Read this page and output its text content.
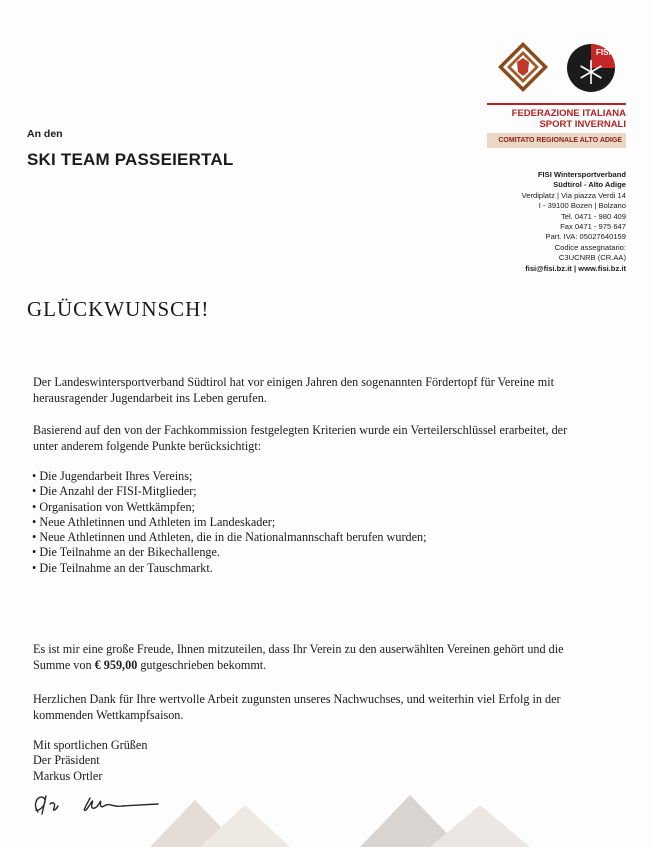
An den
SKI TEAM PASSEIERTAL
FISI
FEDERAZIONE ITALIANA
SPORT INVERNALI
COMITATO REGIONALE ALTO ADIGE
FISI Wintersportverband
Südtirol - Alto Adige
Verdiplatz | Via piazza Verdi 14
I - 39100 Bozen | Bolzano
Tel. 0471 - 980 409
Fax 0471 - 975 647
Part. IVA: 05027640159
Codice assegnatario:
C3UCNRB (CR.AA)
fisi@fisi.bz.it | www.fisi.bz.it
GLÜCKWUNSCH!
Der Landeswintersportverband Südtirol hat vor einigen Jahren den sogenannten Fördertopf für Vereine mit herausragender Jugendarbeit ins Leben gerufen.
Basierend auf den von der Fachkommission festgelegten Kriterien wurde ein Verteilerschlüssel erarbeitet, der unter anderem folgende Punkte berücksichtigt:
• Die Jugendarbeit Ihres Vereins;
• Die Anzahl der FISI-Mitglieder;
• Organisation von Wettkämpfen;
• Neue Athletinnen und Athleten im Landeskader;
• Neue Athletinnen und Athleten, die in die Nationalmannschaft berufen wurden;
• Die Teilnahme an der Bikechallenge.
• Die Teilnahme an der Tauschmarkt.
Es ist mir eine große Freude, Ihnen mitzuteilen, dass Ihr Verein zu den auserwählten Vereinen gehört und die Summe von € 959,00 gutgeschrieben bekommt.
Herzlichen Dank für Ihre wertvolle Arbeit zugunsten unseres Nachwuchses, und weiterhin viel Erfolg in der kommenden Wettkampfsaison.
Mit sportlichen Grüßen
Der Präsident
Markus Ortler
